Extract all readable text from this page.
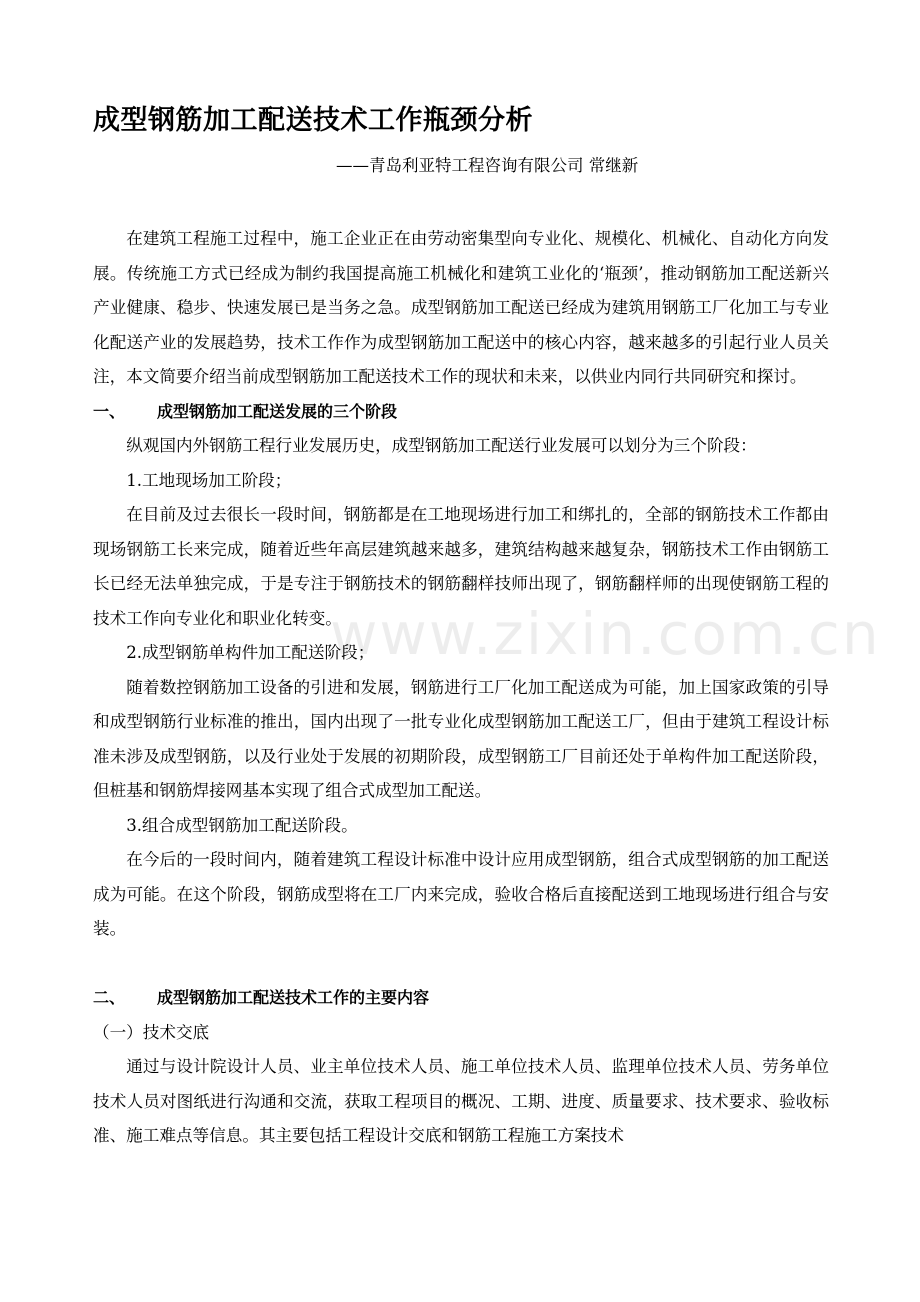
www.zixin.com.cn
成型钢筋加工配送技术工作瓶颈分析
——青岛利亚特工程咨询有限公司 常继新

在建筑工程施工过程中，施工企业正在由劳动密集型向专业化、规模化、机械化、自动化方向发展。传统施工方式已经成为制约我国提高施工机械化和建筑工业化的‘瓶颈’，推动钢筋加工配送新兴产业健康、稳步、快速发展已是当务之急。成型钢筋加工配送已经成为建筑用钢筋工厂化加工与专业化配送产业的发展趋势，技术工作作为成型钢筋加工配送中的核心内容，越来越多的引起行业人员关注，本文简要介绍当前成型钢筋加工配送技术工作的现状和未来，以供业内同行共同研究和探讨。

一、 成型钢筋加工配送发展的三个阶段

纵观国内外钢筋工程行业发展历史，成型钢筋加工配送行业发展可以划分为三个阶段：

1.工地现场加工阶段；

在目前及过去很长一段时间，钢筋都是在工地现场进行加工和绑扎的，全部的钢筋技术工作都由现场钢筋工长来完成，随着近些年高层建筑越来越多，建筑结构越来越复杂，钢筋技术工作由钢筋工长已经无法单独完成，于是专注于钢筋技术的钢筋翻样技师出现了，钢筋翻样师的出现使钢筋工程的技术工作向专业化和职业化转变。

2.成型钢筋单构件加工配送阶段；

随着数控钢筋加工设备的引进和发展，钢筋进行工厂化加工配送成为可能，加上国家政策的引导和成型钢筋行业标准的推出，国内出现了一批专业化成型钢筋加工配送工厂，但由于建筑工程设计标准未涉及成型钢筋，以及行业处于发展的初期阶段，成型钢筋工厂目前还处于单构件加工配送阶段，但桩基和钢筋焊接网基本实现了组合式成型加工配送。

3.组合成型钢筋加工配送阶段。

在今后的一段时间内，随着建筑工程设计标准中设计应用成型钢筋，组合式成型钢筋的加工配送成为可能。在这个阶段，钢筋成型将在工厂内来完成，验收合格后直接配送到工地现场进行组合与安装。

二、 成型钢筋加工配送技术工作的主要内容

（一）技术交底

通过与设计院设计人员、业主单位技术人员、施工单位技术人员、监理单位技术人员、劳务单位技术人员对图纸进行沟通和交流，获取工程项目的概况、工期、进度、质量要求、技术要求、验收标准、施工难点等信息。其主要包括工程设计交底和钢筋工程施工方案技术
